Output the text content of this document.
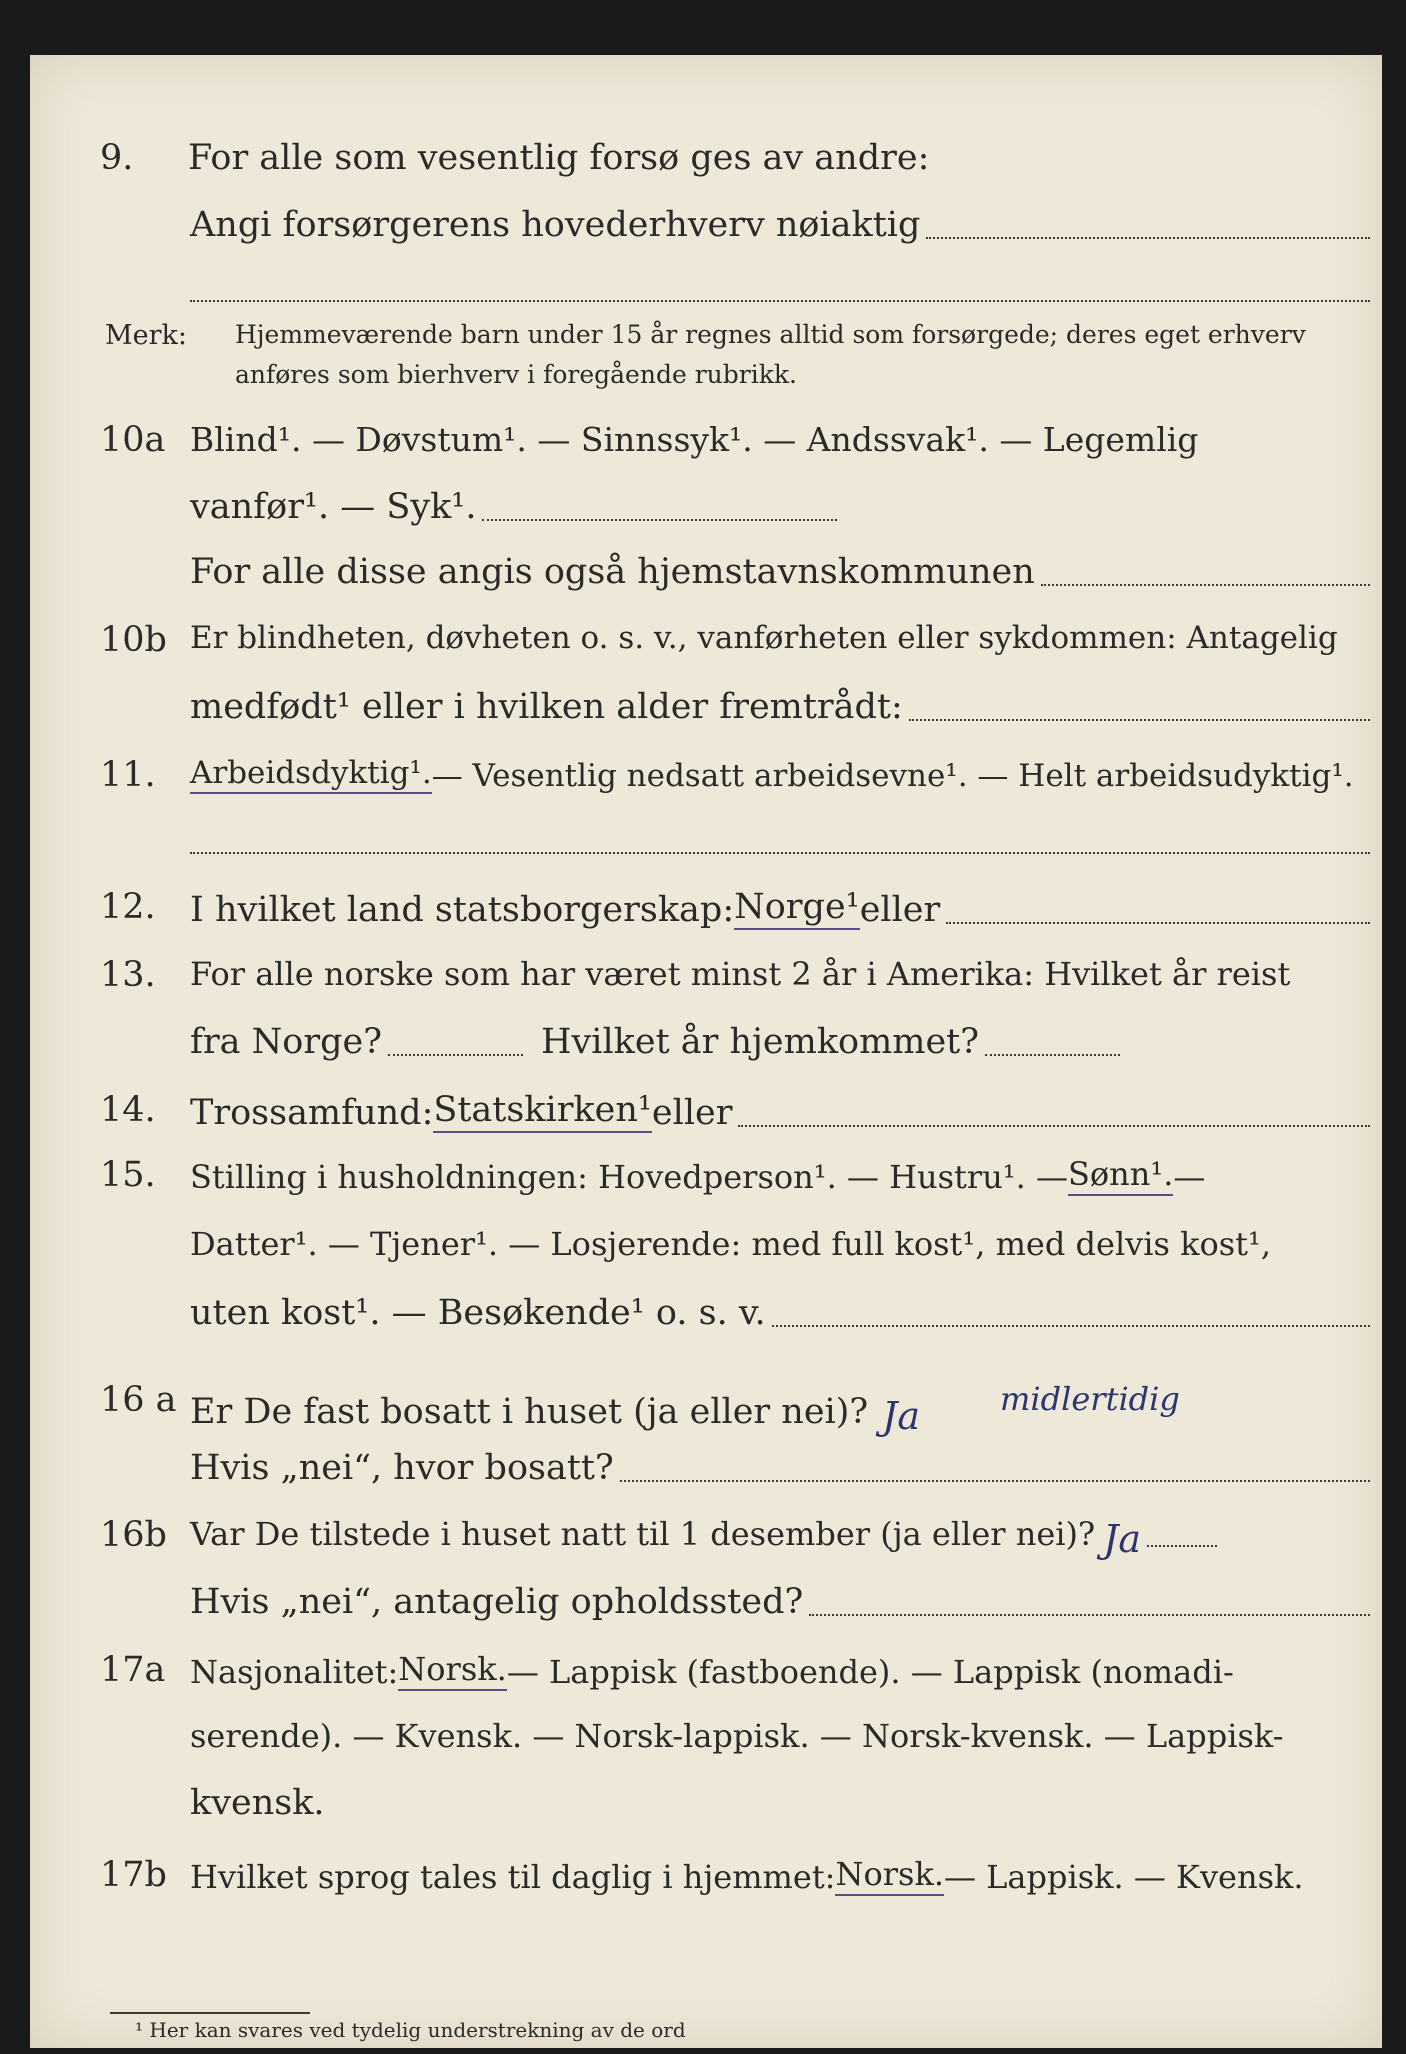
9.	For alle som vesentlig forsø ges av andre:
Angi forsørgerens hovederhverv nøiaktig
Merk:	Hjemmeværende barn under 15 år regnes alltid som forsørgede; deres eget erhverv
anføres som bierhverv i foregående rubrikk.
10a Blind¹. — Døvstum¹. — Sinnssyk¹. — Andssvak¹. — Legemlig
vanfør¹. — Syk¹.
For alle disse angis også hjemstavnskommunen
10b Er blindheten, døvheten o. s. v., vanførheten eller sykdommen: Antagelig
medfødt¹ eller i hvilken alder fremtrådt:
11.	Arbeidsdyktig¹. — Vesentlig nedsatt arbeidsevne¹. — Helt arbeidsudyktig¹.
12. I hvilket land statsborgerskap: Norge¹ eller
13.	For alle norske som har været minst 2 år i Amerika: Hvilket år reist
fra Norge?	Hvilket år hjemkommet?
14. Trossamfund: Statskirken¹ eller
15.	Stilling i husholdningen: Hovedperson¹. — Hustru¹. — Sønn¹. —
Datter¹. — Tjener¹. — Losjerende: med full kost¹, med delvis kost¹,
uten kost¹. — Besøkende¹ o. s. v.
16 a Er De fast bosatt i huset (ja eller nei)? Ja	midlertidig
Hvis „nei“, hvor bosatt?
16b Var De tilstede i huset natt til 1 desember (ja eller nei)? Ja
Hvis „nei“, antagelig opholdssted?
17a Nasjonalitet: Norsk. — Lappisk (fastboende). — Lappisk (nomadi-
serende). — Kvensk. — Norsk-lappisk. — Norsk-kvensk. — Lappisk-
kvensk.
17b Hvilket sprog tales til daglig i hjemmet: Norsk. — Lappisk. — Kvensk.
¹ Her kan svares ved tydelig understrekning av de ord
